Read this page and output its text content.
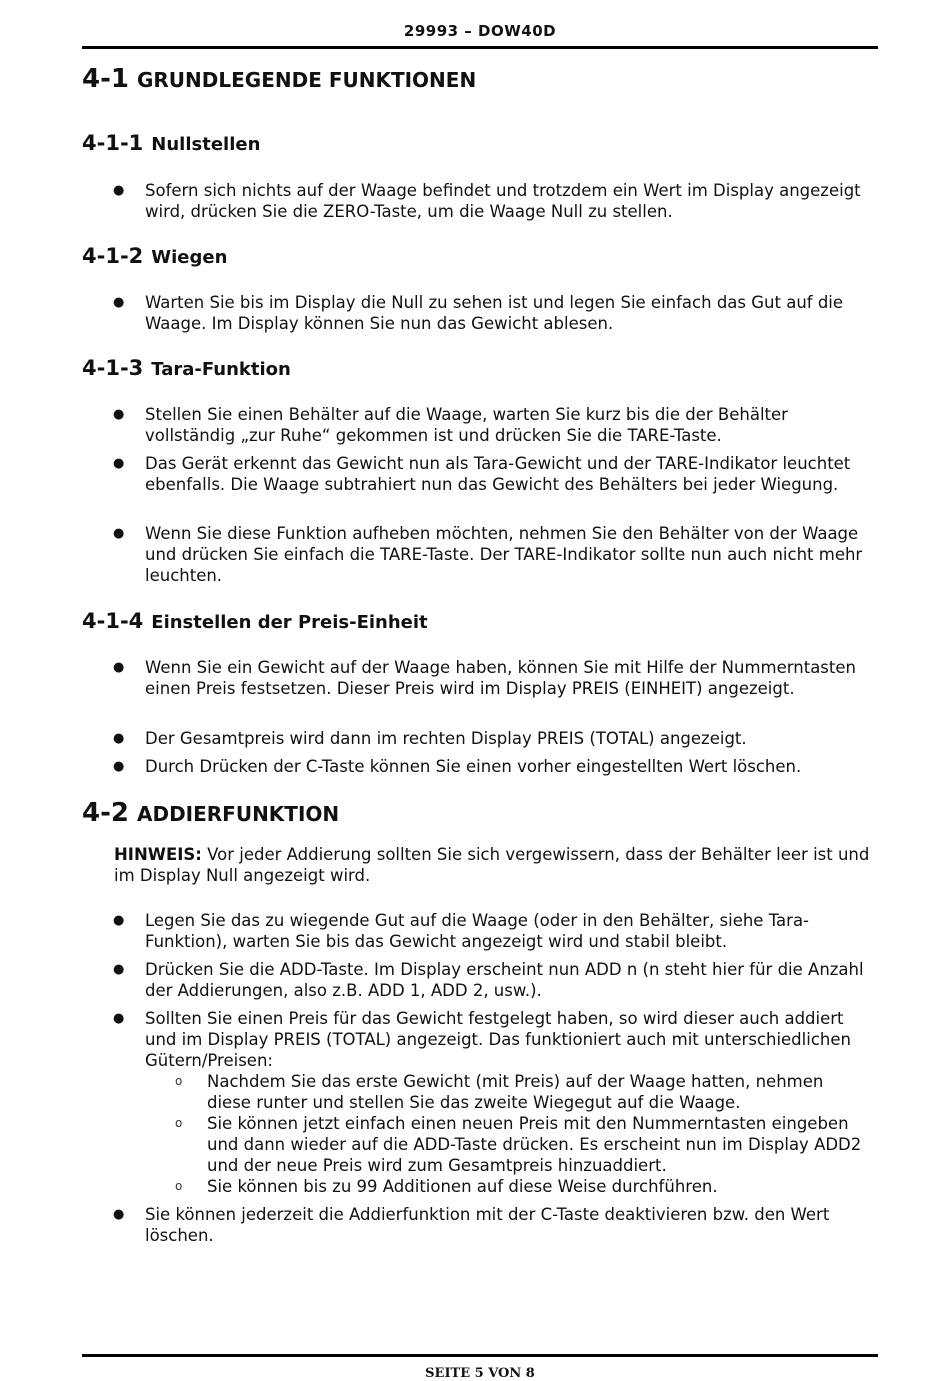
29993 – DOW40D
4-1 GRUNDLEGENDE FUNKTIONEN
4-1-1 Nullstellen
● Sofern sich nichts auf der Waage befindet und trotzdem ein Wert im Display angezeigt wird, drücken Sie die ZERO-Taste, um die Waage Null zu stellen.
4-1-2 Wiegen
● Warten Sie bis im Display die Null zu sehen ist und legen Sie einfach das Gut auf die Waage. Im Display können Sie nun das Gewicht ablesen.
4-1-3 Tara-Funktion
● Stellen Sie einen Behälter auf die Waage, warten Sie kurz bis die der Behälter vollständig „zur Ruhe“ gekommen ist und drücken Sie die TARE-Taste.
● Das Gerät erkennt das Gewicht nun als Tara-Gewicht und der TARE-Indikator leuchtet ebenfalls. Die Waage subtrahiert nun das Gewicht des Behälters bei jeder Wiegung.
● Wenn Sie diese Funktion aufheben möchten, nehmen Sie den Behälter von der Waage und drücken Sie einfach die TARE-Taste. Der TARE-Indikator sollte nun auch nicht mehr leuchten.
4-1-4 Einstellen der Preis-Einheit
● Wenn Sie ein Gewicht auf der Waage haben, können Sie mit Hilfe der Nummerntasten einen Preis festsetzen. Dieser Preis wird im Display PREIS (EINHEIT) angezeigt.
● Der Gesamtpreis wird dann im rechten Display PREIS (TOTAL) angezeigt.
● Durch Drücken der C-Taste können Sie einen vorher eingestellten Wert löschen.
4-2 ADDIERFUNKTION
HINWEIS: Vor jeder Addierung sollten Sie sich vergewissern, dass der Behälter leer ist und im Display Null angezeigt wird.
● Legen Sie das zu wiegende Gut auf die Waage (oder in den Behälter, siehe Tara-Funktion), warten Sie bis das Gewicht angezeigt wird und stabil bleibt.
● Drücken Sie die ADD-Taste. Im Display erscheint nun ADD n (n steht hier für die Anzahl der Addierungen, also z.B. ADD 1, ADD 2, usw.).
● Sollten Sie einen Preis für das Gewicht festgelegt haben, so wird dieser auch addiert und im Display PREIS (TOTAL) angezeigt. Das funktioniert auch mit unterschiedlichen Gütern/Preisen:
o Nachdem Sie das erste Gewicht (mit Preis) auf der Waage hatten, nehmen diese runter und stellen Sie das zweite Wiegegut auf die Waage.
o Sie können jetzt einfach einen neuen Preis mit den Nummerntasten eingeben und dann wieder auf die ADD-Taste drücken. Es erscheint nun im Display ADD2 und der neue Preis wird zum Gesamtpreis hinzuaddiert.
o Sie können bis zu 99 Additionen auf diese Weise durchführen.
● Sie können jederzeit die Addierfunktion mit der C-Taste deaktivieren bzw. den Wert löschen.
SEITE 5 VON 8
